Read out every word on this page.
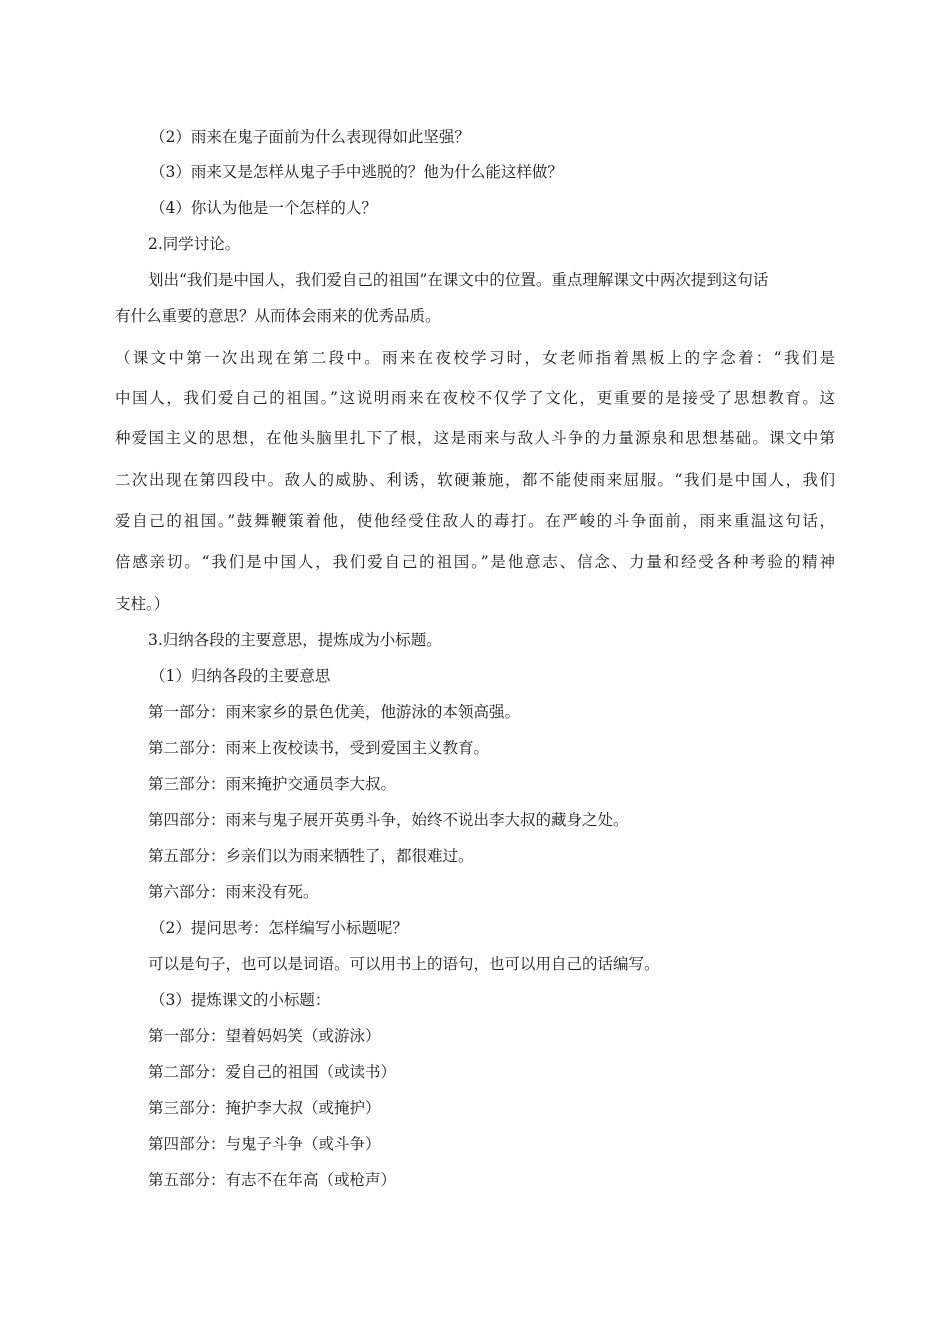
（2）雨来在鬼子面前为什么表现得如此坚强？
（3）雨来又是怎样从鬼子手中逃脱的？他为什么能这样做？
（4）你认为他是一个怎样的人？
2.同学讨论。
划出“我们是中国人，我们爱自己的祖国”在课文中的位置。重点理解课文中两次提到这句话
有什么重要的意思？从而体会雨来的优秀品质。
（课文中第一次出现在第二段中。雨来在夜校学习时，女老师指着黑板上的字念着：“我们是
中国人，我们爱自己的祖国。”这说明雨来在夜校不仅学了文化，更重要的是接受了思想教育。这
种爱国主义的思想，在他头脑里扎下了根，这是雨来与敌人斗争的力量源泉和思想基础。课文中第
二次出现在第四段中。敌人的威胁、利诱，软硬兼施，都不能使雨来屈服。“我们是中国人，我们
爱自己的祖国。”鼓舞鞭策着他，使他经受住敌人的毒打。在严峻的斗争面前，雨来重温这句话，
倍感亲切。“我们是中国人，我们爱自己的祖国。”是他意志、信念、力量和经受各种考验的精神
支柱。）
3.归纳各段的主要意思，提炼成为小标题。
（1）归纳各段的主要意思
第一部分：雨来家乡的景色优美，他游泳的本领高强。
第二部分：雨来上夜校读书，受到爱国主义教育。
第三部分：雨来掩护交通员李大叔。
第四部分：雨来与鬼子展开英勇斗争，始终不说出李大叔的藏身之处。
第五部分：乡亲们以为雨来牺牲了，都很难过。
第六部分：雨来没有死。
（2）提问思考：怎样编写小标题呢？
可以是句子，也可以是词语。可以用书上的语句，也可以用自己的话编写。
（3）提炼课文的小标题：
第一部分：望着妈妈笑（或游泳）
第二部分：爱自己的祖国（或读书）
第三部分：掩护李大叔（或掩护）
第四部分：与鬼子斗争（或斗争）
第五部分：有志不在年高（或枪声）
